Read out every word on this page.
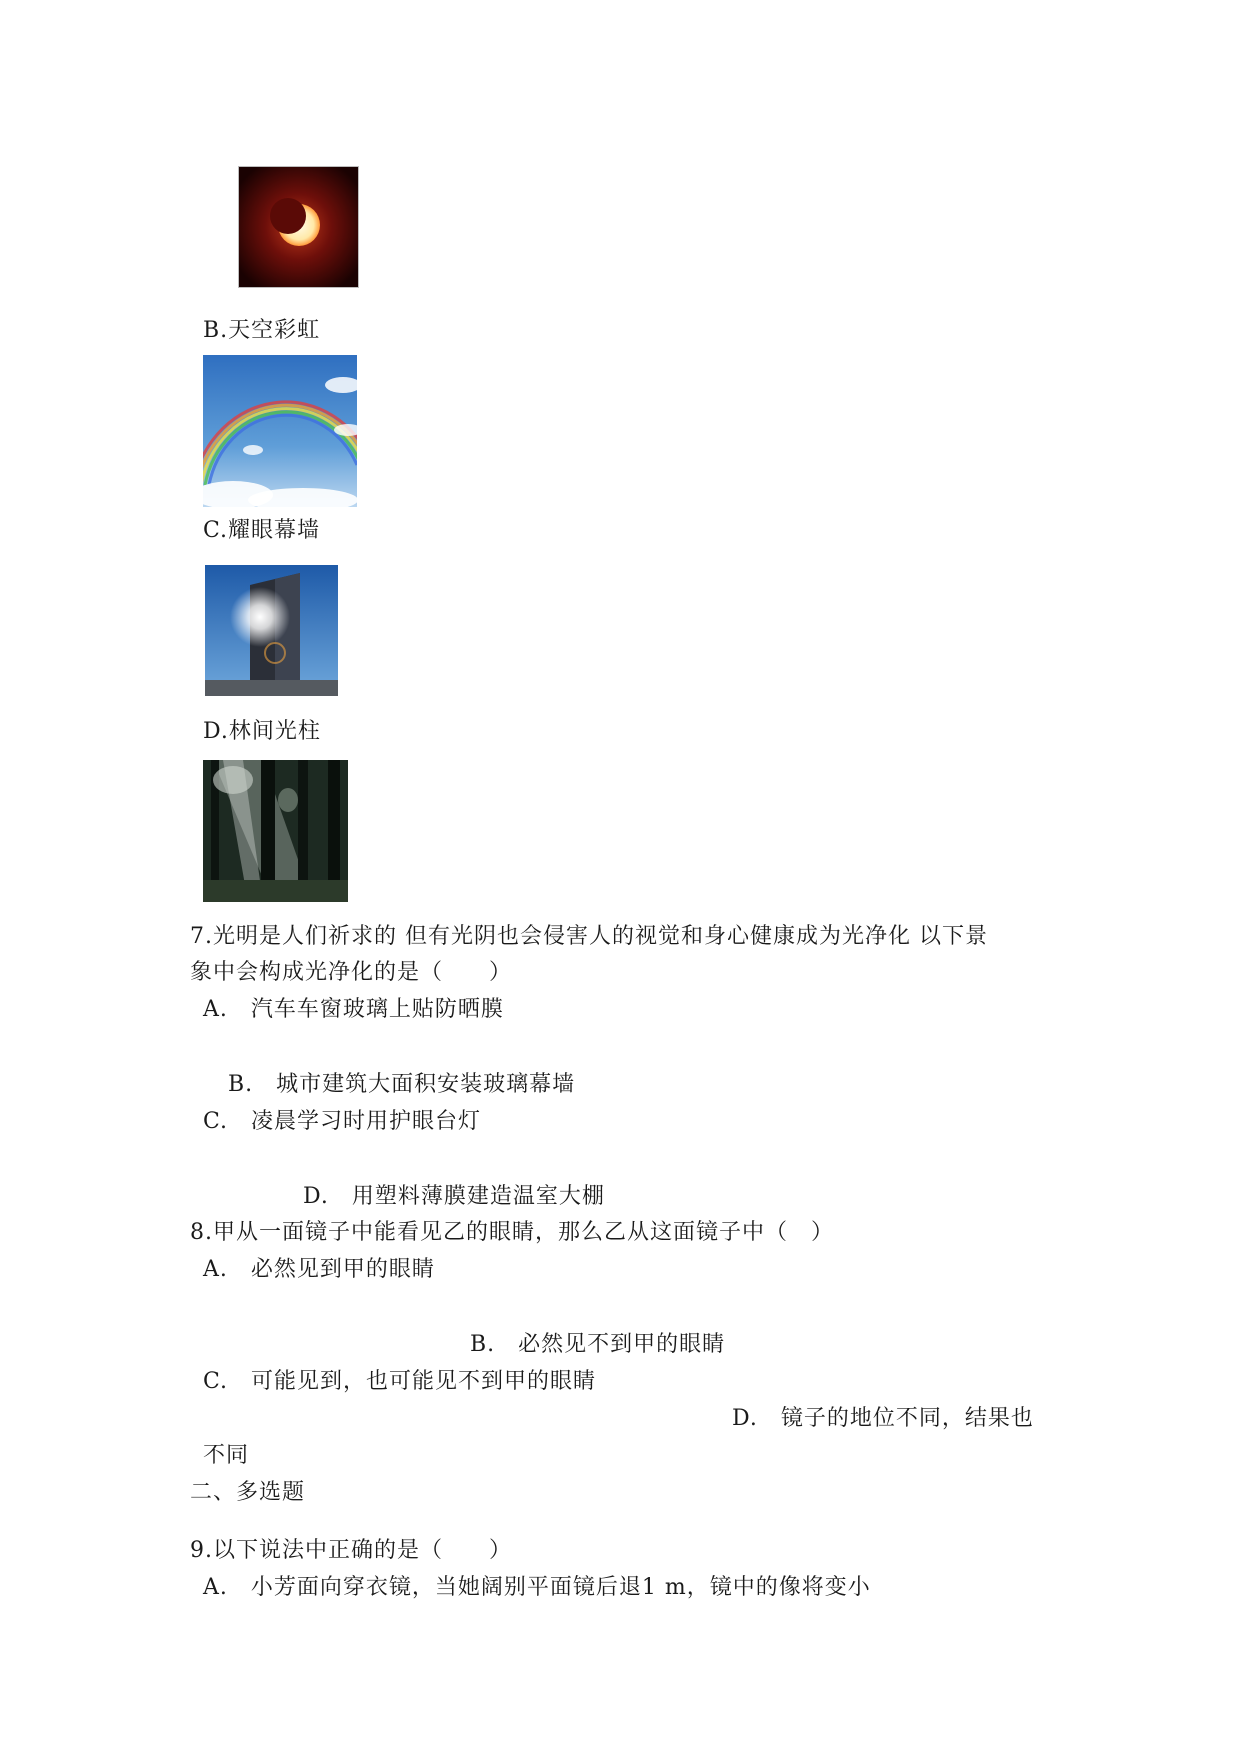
B.天空彩虹
C.耀眼幕墙
D.林间光柱
7.光明是人们祈求的 但有光阴也会侵害人的视觉和身心健康成为光净化 以下景
象中会构成光净化的是（　　）
A.　汽车车窗玻璃上贴防晒膜
B.　城市建筑大面积安装玻璃幕墙
C.　凌晨学习时用护眼台灯
D.　用塑料薄膜建造温室大棚
8.甲从一面镜子中能看见乙的眼睛，那么乙从这面镜子中（　）
A.　必然见到甲的眼睛
B.　必然见不到甲的眼睛
C.　可能见到，也可能见不到甲的眼睛
D.　镜子的地位不同，结果也
不同
二、多选题
9.以下说法中正确的是（　　）
A.　小芳面向穿衣镜，当她阔别平面镜后退1 m，镜中的像将变小
